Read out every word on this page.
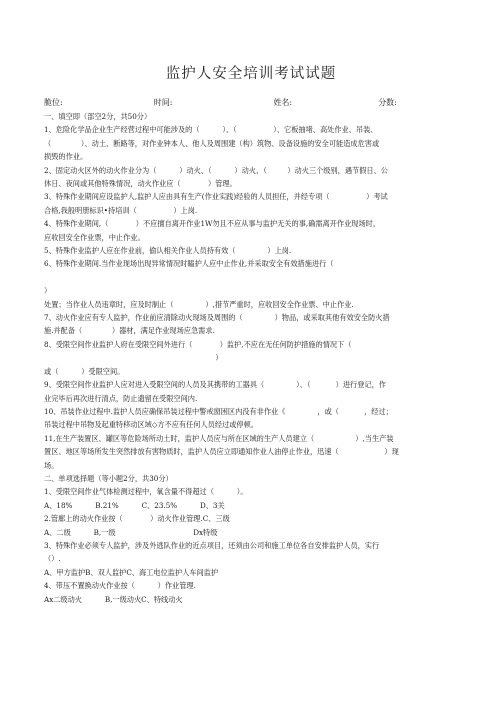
监护人安全培训考试试题
脆位:	时间:	姓名:	分数:

一、填空即（部空2分，共50分）

1、危险化学品企业生产经营过程中可能涉及的（          ）、（                ）、它板抽堵、高处作业、吊装、

（             ）、动土、断路等，对作业钟本人、他人及周围建（构）筑物、设备设施的安全可能造成危害或

损毁的作业。

2、固定动火区外的动火作业分为（          ）动火、（          ）动火、（         ）动火三个级别，遇节假日、公

休日、夜间或其他特殊情况，动火作业应（            ）管理。

3、特殊作业期间应设监护人,监护人应由具有生产(作业实践)经验的人员担任，并经专项（                ）考试

合格,我般明册标识•持培训（                ）上岗.

4、特殊作业期间,（            ）不应擅自离开作业1W勿且不应从事与监护无关的事,确需离开作业现场时，

应收回安全作业票，中止作业。

5、特殊作业监护人应在作业前，偷认相关作业人员持有效（              ）上岗.

6、特殊作业期间.当作业现场出现异常情况时瞌护人应中止作业,并采取安全有效措施进行（

）

处置；当作业人员违章时，应及时制止（              ）,措节严重时，应收回安全作业票、中止作业.

7、动火作业应有专人监护，作业前应清除动火现场及周围的（              ）物品，或采取其他有效安全防火措

施.并配备（             ）器材，满足作业现场应急需求.

8、受限空间作业监护人府在受限空间外进行（            ）监护,不应在无任何防护措施的情况下（

）

或（          ）受限空间。

9、受限空间作业监护人应对进入受限空间的人员及其携带的工器具（              ）、（           ）进行登记，作

业完毕后再次进行清点，防止遗留在受限空间内.

10、吊装作业过程中.监护人员应确保吊装过程中警戒窗困区内没有非作业《              ，或（           ，经过；

吊装过程中吊物及起重特移动区域◇方不应有任何人员经过或停顿。

11,在生产装置区、罐区等危险场所动土时，监护人员应与所在区域的生产人员建立（                  ）,当生产装

置区、地区等场所发生突然排放有害物质时，监护人员应立即通知作业人油停止作业，迅速（                    ）现

场。

二、单项选择题（等小题2分，共30分）

1、受限空间作业气体检测过程中，氧含量不得超过（          ）。

A、18%          B.21%          C、23.5%          D、3关

2.管廊上的动火作业按（            ）动火作业管理.C、三级

A、二级          B,一级                                  Dx特级

3、特殊作业必须专人监护，涉及外逃队作业的近点项目，还须由公司和施工单位各自安排监护人员，实行

（）.

A、甲方监护B、双人监护C、海工电位监护人车间监护

4、带压不置换动火作业按（          ）作业管理.

Ax二级动火          B,一级动火C、特线动火
